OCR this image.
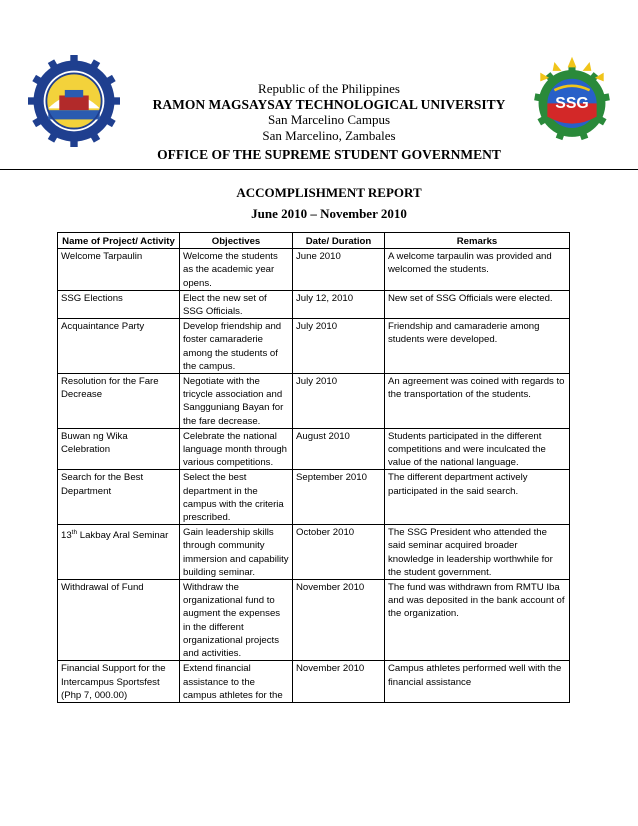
SSG
Republic of the Philippines
RAMON MAGSAYSAY TECHNOLOGICAL UNIVERSITY
San Marcelino Campus
San Marcelino, Zambales
OFFICE OF THE SUPREME STUDENT GOVERNMENT
ACCOMPLISHMENT REPORT
June 2010 – November 2010
Name of Project/ Activity	Objectives	Date/ Duration	Remarks
Welcome Tarpaulin	Welcome the students as the academic year opens.	June 2010	A welcome tarpaulin was provided and welcomed the students.
SSG Elections	Elect the new set of SSG Officials.	July 12, 2010	New set of SSG Officials were elected.
Acquaintance Party	Develop friendship and foster camaraderie among the students of the campus.	July 2010	Friendship and camaraderie among students were developed.
Resolution for the Fare Decrease	Negotiate with the tricycle association and Sangguniang Bayan for the fare decrease.	July 2010	An agreement was coined with regards to the transportation of the students.
Buwan ng Wika Celebration	Celebrate the national language month through various competitions.	August 2010	Students participated in the different competitions and were inculcated the value of the national language.
Search for the Best Department	Select the best department in the campus with the criteria prescribed.	September 2010	The different department actively participated in the said search.
13th Lakbay Aral Seminar	Gain leadership skills through community immersion and capability building seminar.	October 2010	The SSG President who attended the said seminar acquired broader knowledge in leadership worthwhile for the student government.
Withdrawal of Fund	Withdraw the organizational fund to augment the expenses in the different organizational projects and activities.	November 2010	The fund was withdrawn from RMTU Iba and was deposited in the bank account of the organization.
Financial Support for the Intercampus Sportsfest (Php 7, 000.00)	Extend financial assistance to the campus athletes for the	November 2010	Campus athletes performed well with the financial assistance
